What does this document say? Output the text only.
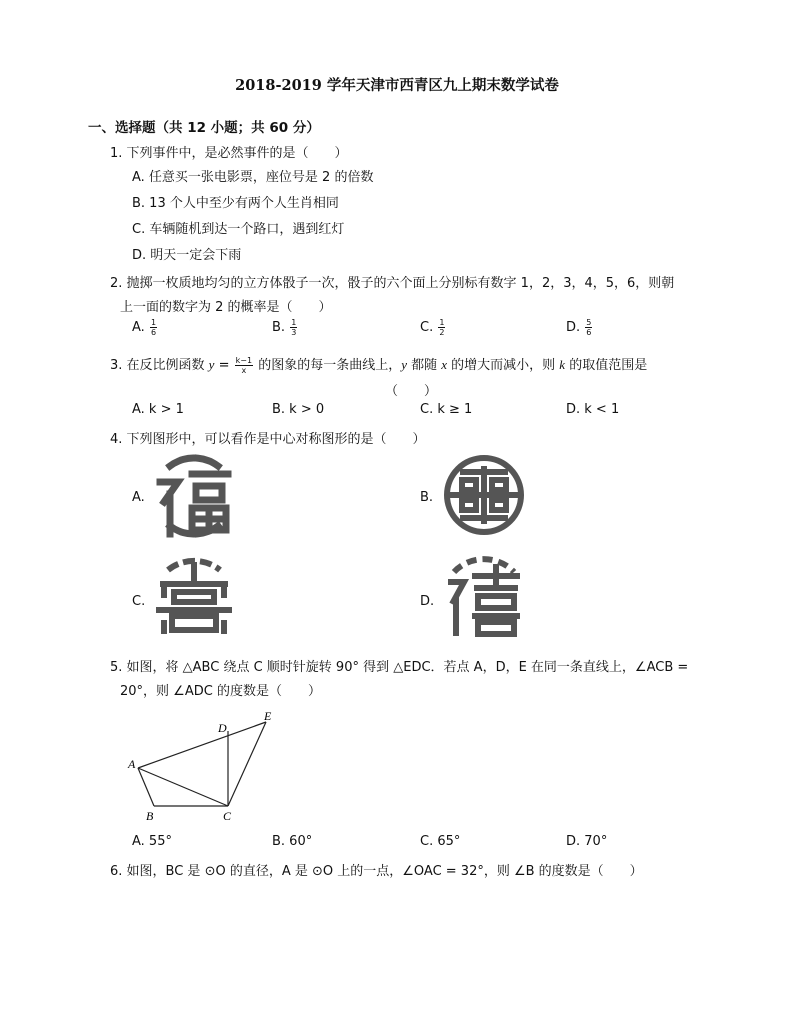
2018-2019 学年天津市西青区九上期末数学试卷
一、选择题（共 12 小题；共 60 分）
1. 下列事件中，是必然事件的是（　　）
A. 任意买一张电影票，座位号是 2 的倍数
B. 13 个人中至少有两个人生肖相同
C. 车辆随机到达一个路口，遇到红灯
D. 明天一定会下雨
2. 抛掷一枚质地均匀的立方体骰子一次，骰子的六个面上分别标有数字 1，2，3，4，5，6，则朝
上一面的数字为 2 的概率是（　　）
A. $\frac{1}{6}$	B. $\frac{1}{3}$	C. $\frac{1}{2}$	D. $\frac{5}{6}$
3. 在反比例函数 $y = \frac{k-1}{x}$ 的图象的每一条曲线上，y 都随 x 的增大而减小，则 k 的取值范围是
（　　）
A. k > 1	B. k > 0	C. k ≥ 1	D. k < 1
4. 下列图形中，可以看作是中心对称图形的是（　　）
A.	B.
C.	D.
5. 如图，将 △ABC 绕点 C 顺时针旋转 90° 得到 △EDC．若点 A，D，E 在同一条直线上，∠ACB =
20°，则 ∠ADC 的度数是（　　）
A
B	C
D
E
A. 55°	B. 60°	C. 65°	D. 70°
6. 如图，BC 是 ⊙O 的直径，A 是 ⊙O 上的一点，∠OAC = 32°，则 ∠B 的度数是（　　）
